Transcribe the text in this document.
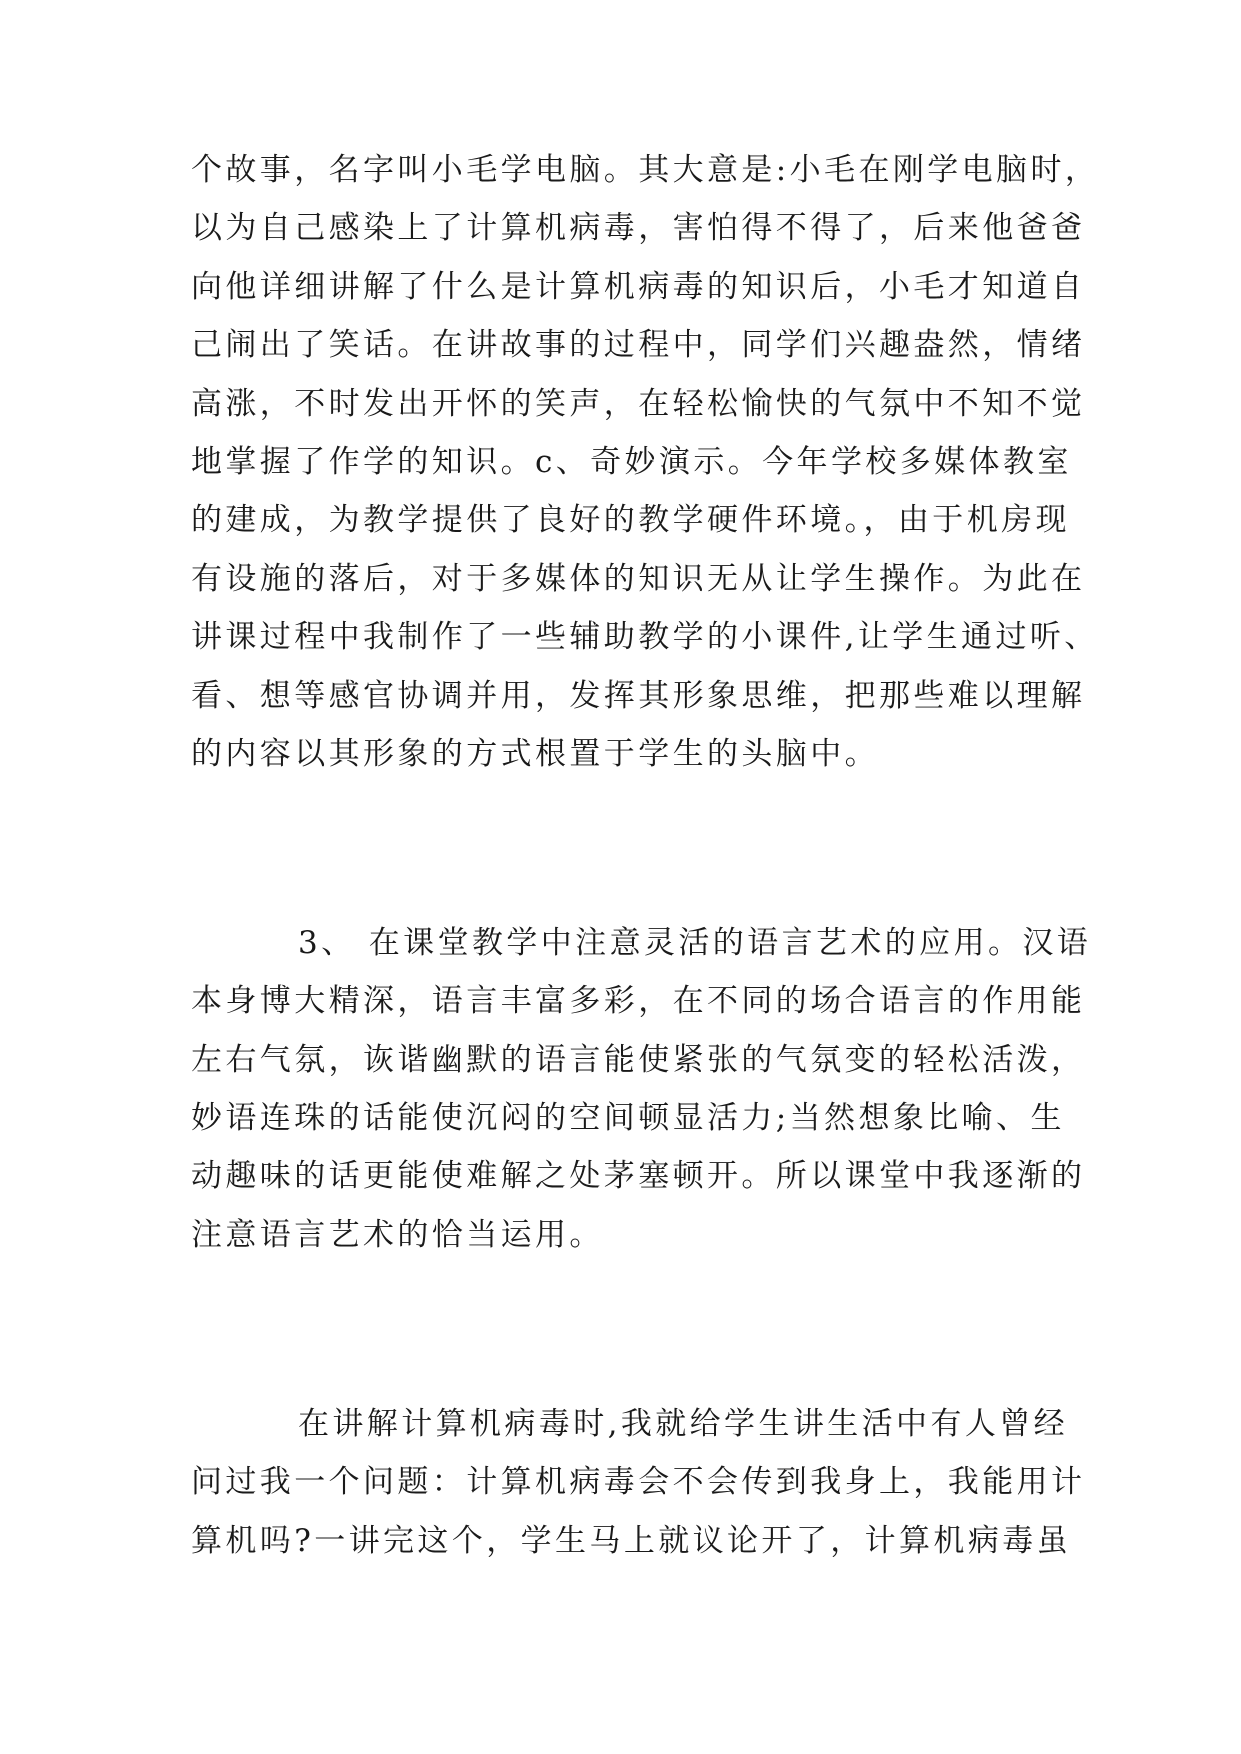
个故事，名字叫小毛学电脑。其大意是:小毛在刚学电脑时，
以为自己感染上了计算机病毒，害怕得不得了，后来他爸爸
向他详细讲解了什么是计算机病毒的知识后，小毛才知道自
己闹出了笑话。在讲故事的过程中，同学们兴趣盎然，情绪
高涨，不时发出开怀的笑声，在轻松愉快的气氛中不知不觉
地掌握了作学的知识。c、奇妙演示。今年学校多媒体教室
的建成，为教学提供了良好的教学硬件环境。，由于机房现
有设施的落后，对于多媒体的知识无从让学生操作。为此在
讲课过程中我制作了一些辅助教学的小课件,让学生通过听、
看、想等感官协调并用，发挥其形象思维，把那些难以理解
的内容以其形象的方式根置于学生的头脑中。
3、 在课堂教学中注意灵活的语言艺术的应用。汉语
本身博大精深，语言丰富多彩，在不同的场合语言的作用能
左右气氛，诙谐幽默的语言能使紧张的气氛变的轻松活泼，
妙语连珠的话能使沉闷的空间顿显活力;当然想象比喻、生
动趣味的话更能使难解之处茅塞顿开。所以课堂中我逐渐的
注意语言艺术的恰当运用。
在讲解计算机病毒时,我就给学生讲生活中有人曾经
问过我一个问题：计算机病毒会不会传到我身上，我能用计
算机吗?一讲完这个，学生马上就议论开了，计算机病毒虽
